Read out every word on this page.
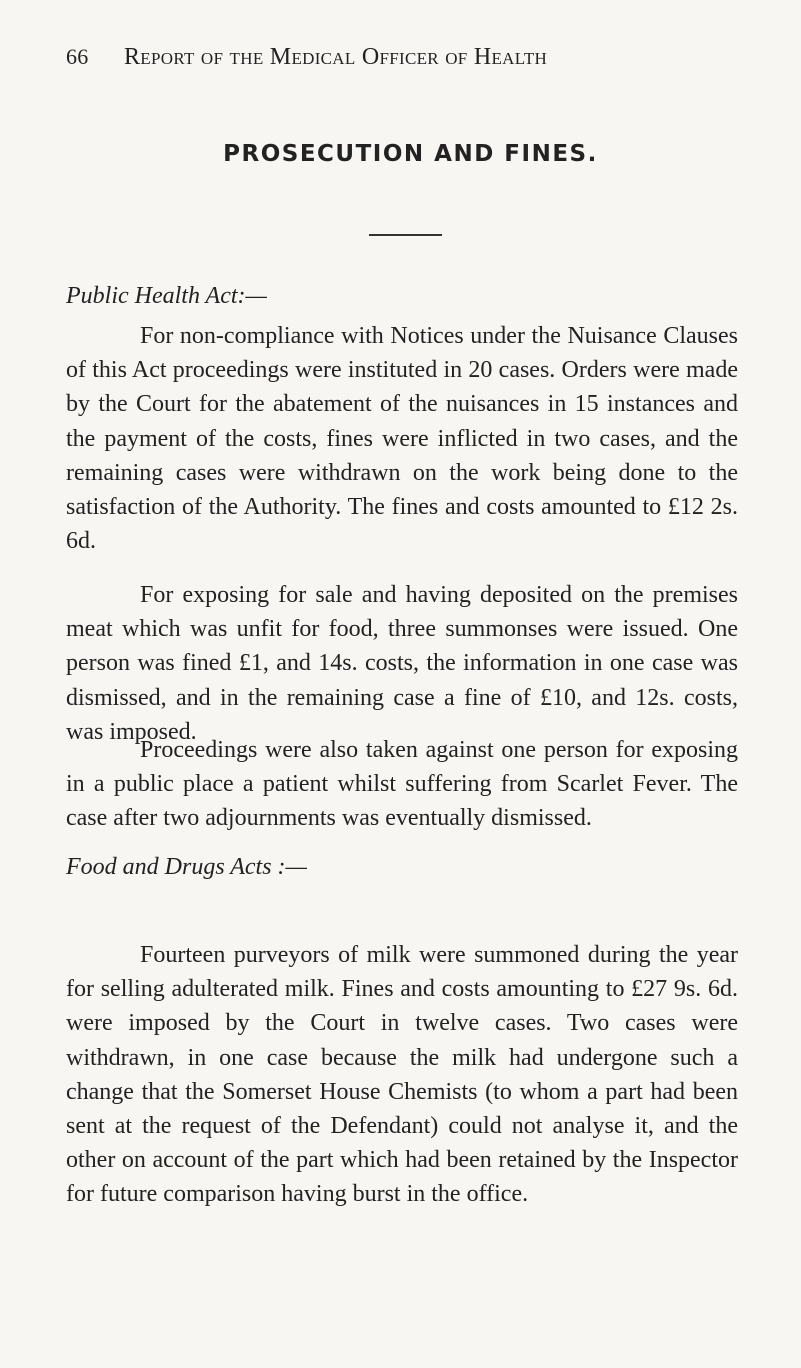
66 Report of the Medical Officer of Health
PROSECUTION AND FINES.
Public Health Act:—

For non-compliance with Notices under the Nuisance Clauses of this Act proceedings were instituted in 20 cases. Orders were made by the Court for the abatement of the nuisances in 15 instances and the payment of the costs, fines were inflicted in two cases, and the remaining cases were withdrawn on the work being done to the satisfaction of the Authority. The fines and costs amounted to £12 2s. 6d.

For exposing for sale and having deposited on the premises meat which was unfit for food, three summonses were issued. One person was fined £1, and 14s. costs, the information in one case was dismissed, and in the remaining case a fine of £10, and 12s. costs, was imposed.

Proceedings were also taken against one person for exposing in a public place a patient whilst suffering from Scarlet Fever. The case after two adjournments was eventually dismissed.

Food and Drugs Acts :—

Fourteen purveyors of milk were summoned during the year for selling adulterated milk. Fines and costs amounting to £27 9s. 6d. were imposed by the Court in twelve cases. Two cases were withdrawn, in one case because the milk had undergone such a change that the Somerset House Chemists (to whom a part had been sent at the request of the Defendant) could not analyse it, and the other on account of the part which had been retained by the Inspector for future comparison having burst in the office.
